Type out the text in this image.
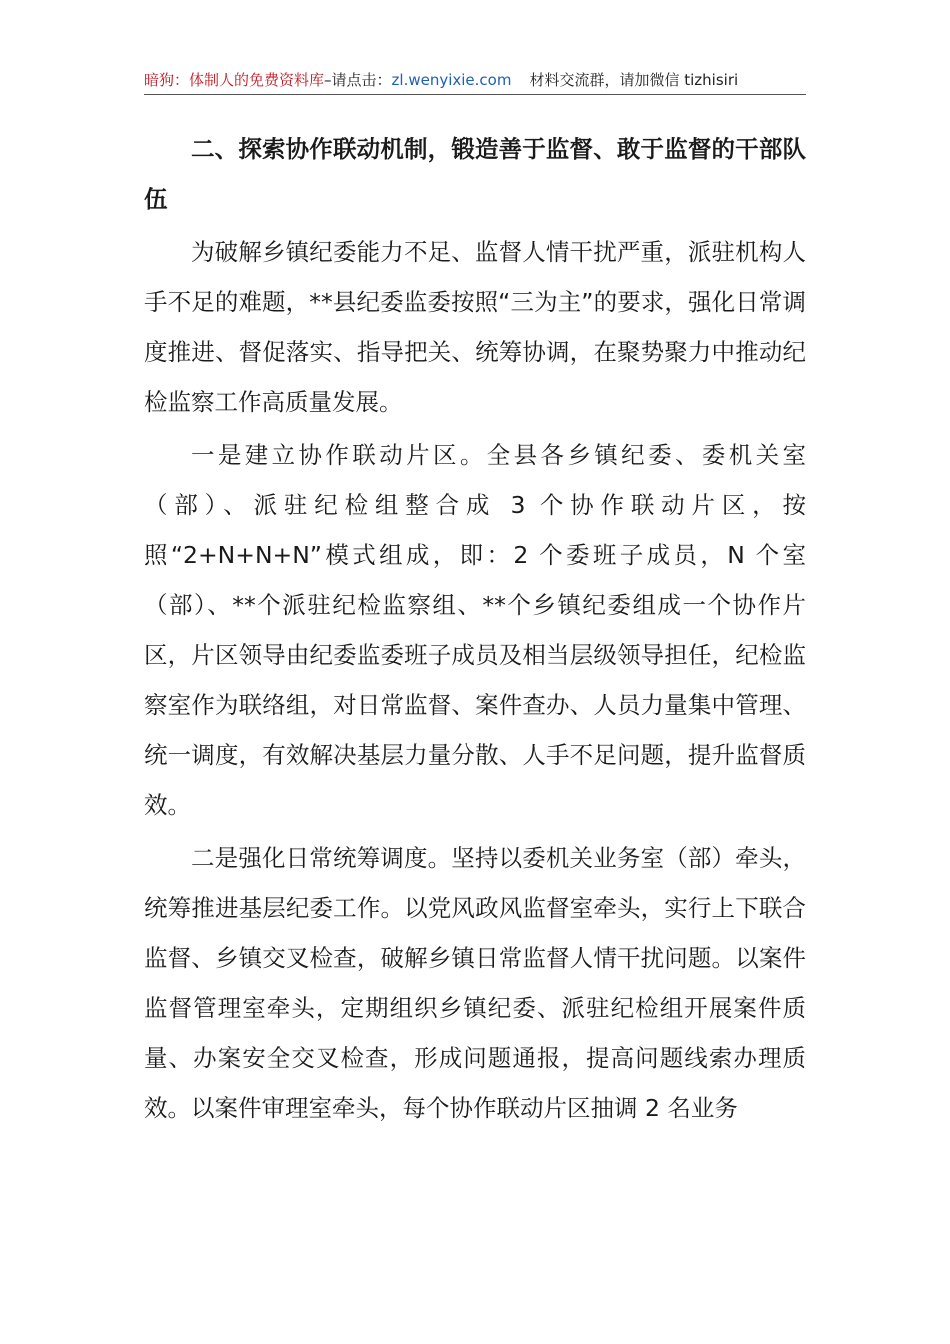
暗狗：体制人的免费资料库–请点击：zl.wenyixie.com 材料交流群，请加微信 tizhisiri

二、探索协作联动机制，锻造善于监督、敢于监督的干部队伍

为破解乡镇纪委能力不足、监督人情干扰严重，派驻机构人手不足的难题，**县纪委监委按照“三为主”的要求，强化日常调度推进、督促落实、指导把关、统筹协调，在聚势聚力中推动纪检监察工作高质量发展。

一是建立协作联动片区。全县各乡镇纪委、委机关室（部）、派驻纪检组整合成 3 个协作联动片区，按照“2+N+N+N”模式组成，即：2 个委班子成员，N 个室（部）、**个派驻纪检监察组、**个乡镇纪委组成一个协作片区，片区领导由纪委监委班子成员及相当层级领导担任，纪检监察室作为联络组，对日常监督、案件查办、人员力量集中管理、统一调度，有效解决基层力量分散、人手不足问题，提升监督质效。

二是强化日常统筹调度。坚持以委机关业务室（部）牵头，统筹推进基层纪委工作。以党风政风监督室牵头，实行上下联合监督、乡镇交叉检查，破解乡镇日常监督人情干扰问题。以案件监督管理室牵头，定期组织乡镇纪委、派驻纪检组开展案件质量、办案安全交叉检查，形成问题通报，提高问题线索办理质效。以案件审理室牵头，每个协作联动片区抽调 2 名业务
